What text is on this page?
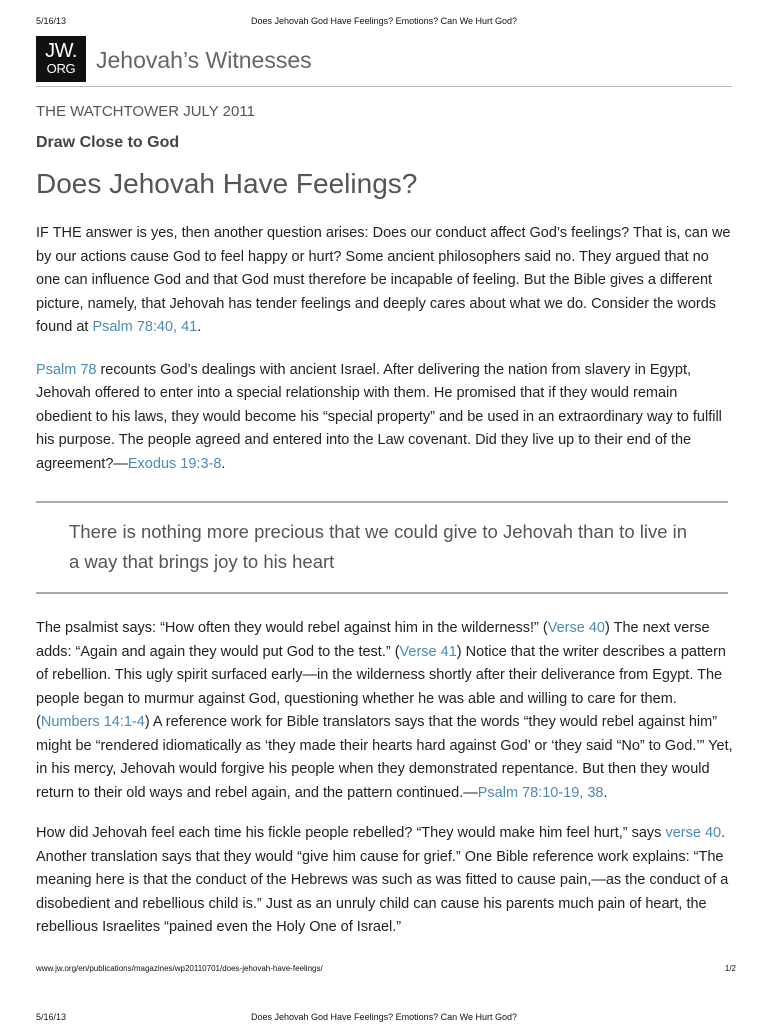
5/16/13	Does Jehovah God Have Feelings? Emotions? Can We Hurt God?
JW.
ORG Jehovah’s Witnesses

THE WATCHTOWER JULY 2011

Draw Close to God

Does Jehovah Have Feelings?

IF THE answer is yes, then another question arises: Does our conduct affect God’s feelings? That is, can we by our actions cause God to feel happy or hurt? Some ancient philosophers said no. They argued that no one can influence God and that God must therefore be incapable of feeling. But the Bible gives a different picture, namely, that Jehovah has tender feelings and deeply cares about what we do. Consider the words found at Psalm 78:40, 41.

Psalm 78 recounts God’s dealings with ancient Israel. After delivering the nation from slavery in Egypt, Jehovah offered to enter into a special relationship with them. He promised that if they would remain obedient to his laws, they would become his “special property” and be used in an extraordinary way to fulfill his purpose. The people agreed and entered into the Law covenant. Did they live up to their end of the agreement?—Exodus 19:3-8.

There is nothing more precious that we could give to Jehovah than to live in a way that brings joy to his heart

The psalmist says: “How often they would rebel against him in the wilderness!” (Verse 40) The next verse adds: “Again and again they would put God to the test.” (Verse 41) Notice that the writer describes a pattern of rebellion. This ugly spirit surfaced early—in the wilderness shortly after their deliverance from Egypt. The people began to murmur against God, questioning whether he was able and willing to care for them. (Numbers 14:1-4) A reference work for Bible translators says that the words “they would rebel against him” might be “rendered idiomatically as ‘they made their hearts hard against God’ or ‘they said “No” to God.’” Yet, in his mercy, Jehovah would forgive his people when they demonstrated repentance. But then they would return to their old ways and rebel again, and the pattern continued.—Psalm 78:10-19, 38.

How did Jehovah feel each time his fickle people rebelled? “They would make him feel hurt,” says verse 40. Another translation says that they would “give him cause for grief.” One Bible reference work explains: “The meaning here is that the conduct of the Hebrews was such as was fitted to cause pain,—as the conduct of a disobedient and rebellious child is.” Just as an unruly child can cause his parents much pain of heart, the rebellious Israelites “pained even the Holy One of Israel.”

www.jw.org/en/publications/magazines/wp20110701/does-jehovah-have-feelings/	1/2
5/16/13	Does Jehovah God Have Feelings? Emotions? Can We Hurt God?
